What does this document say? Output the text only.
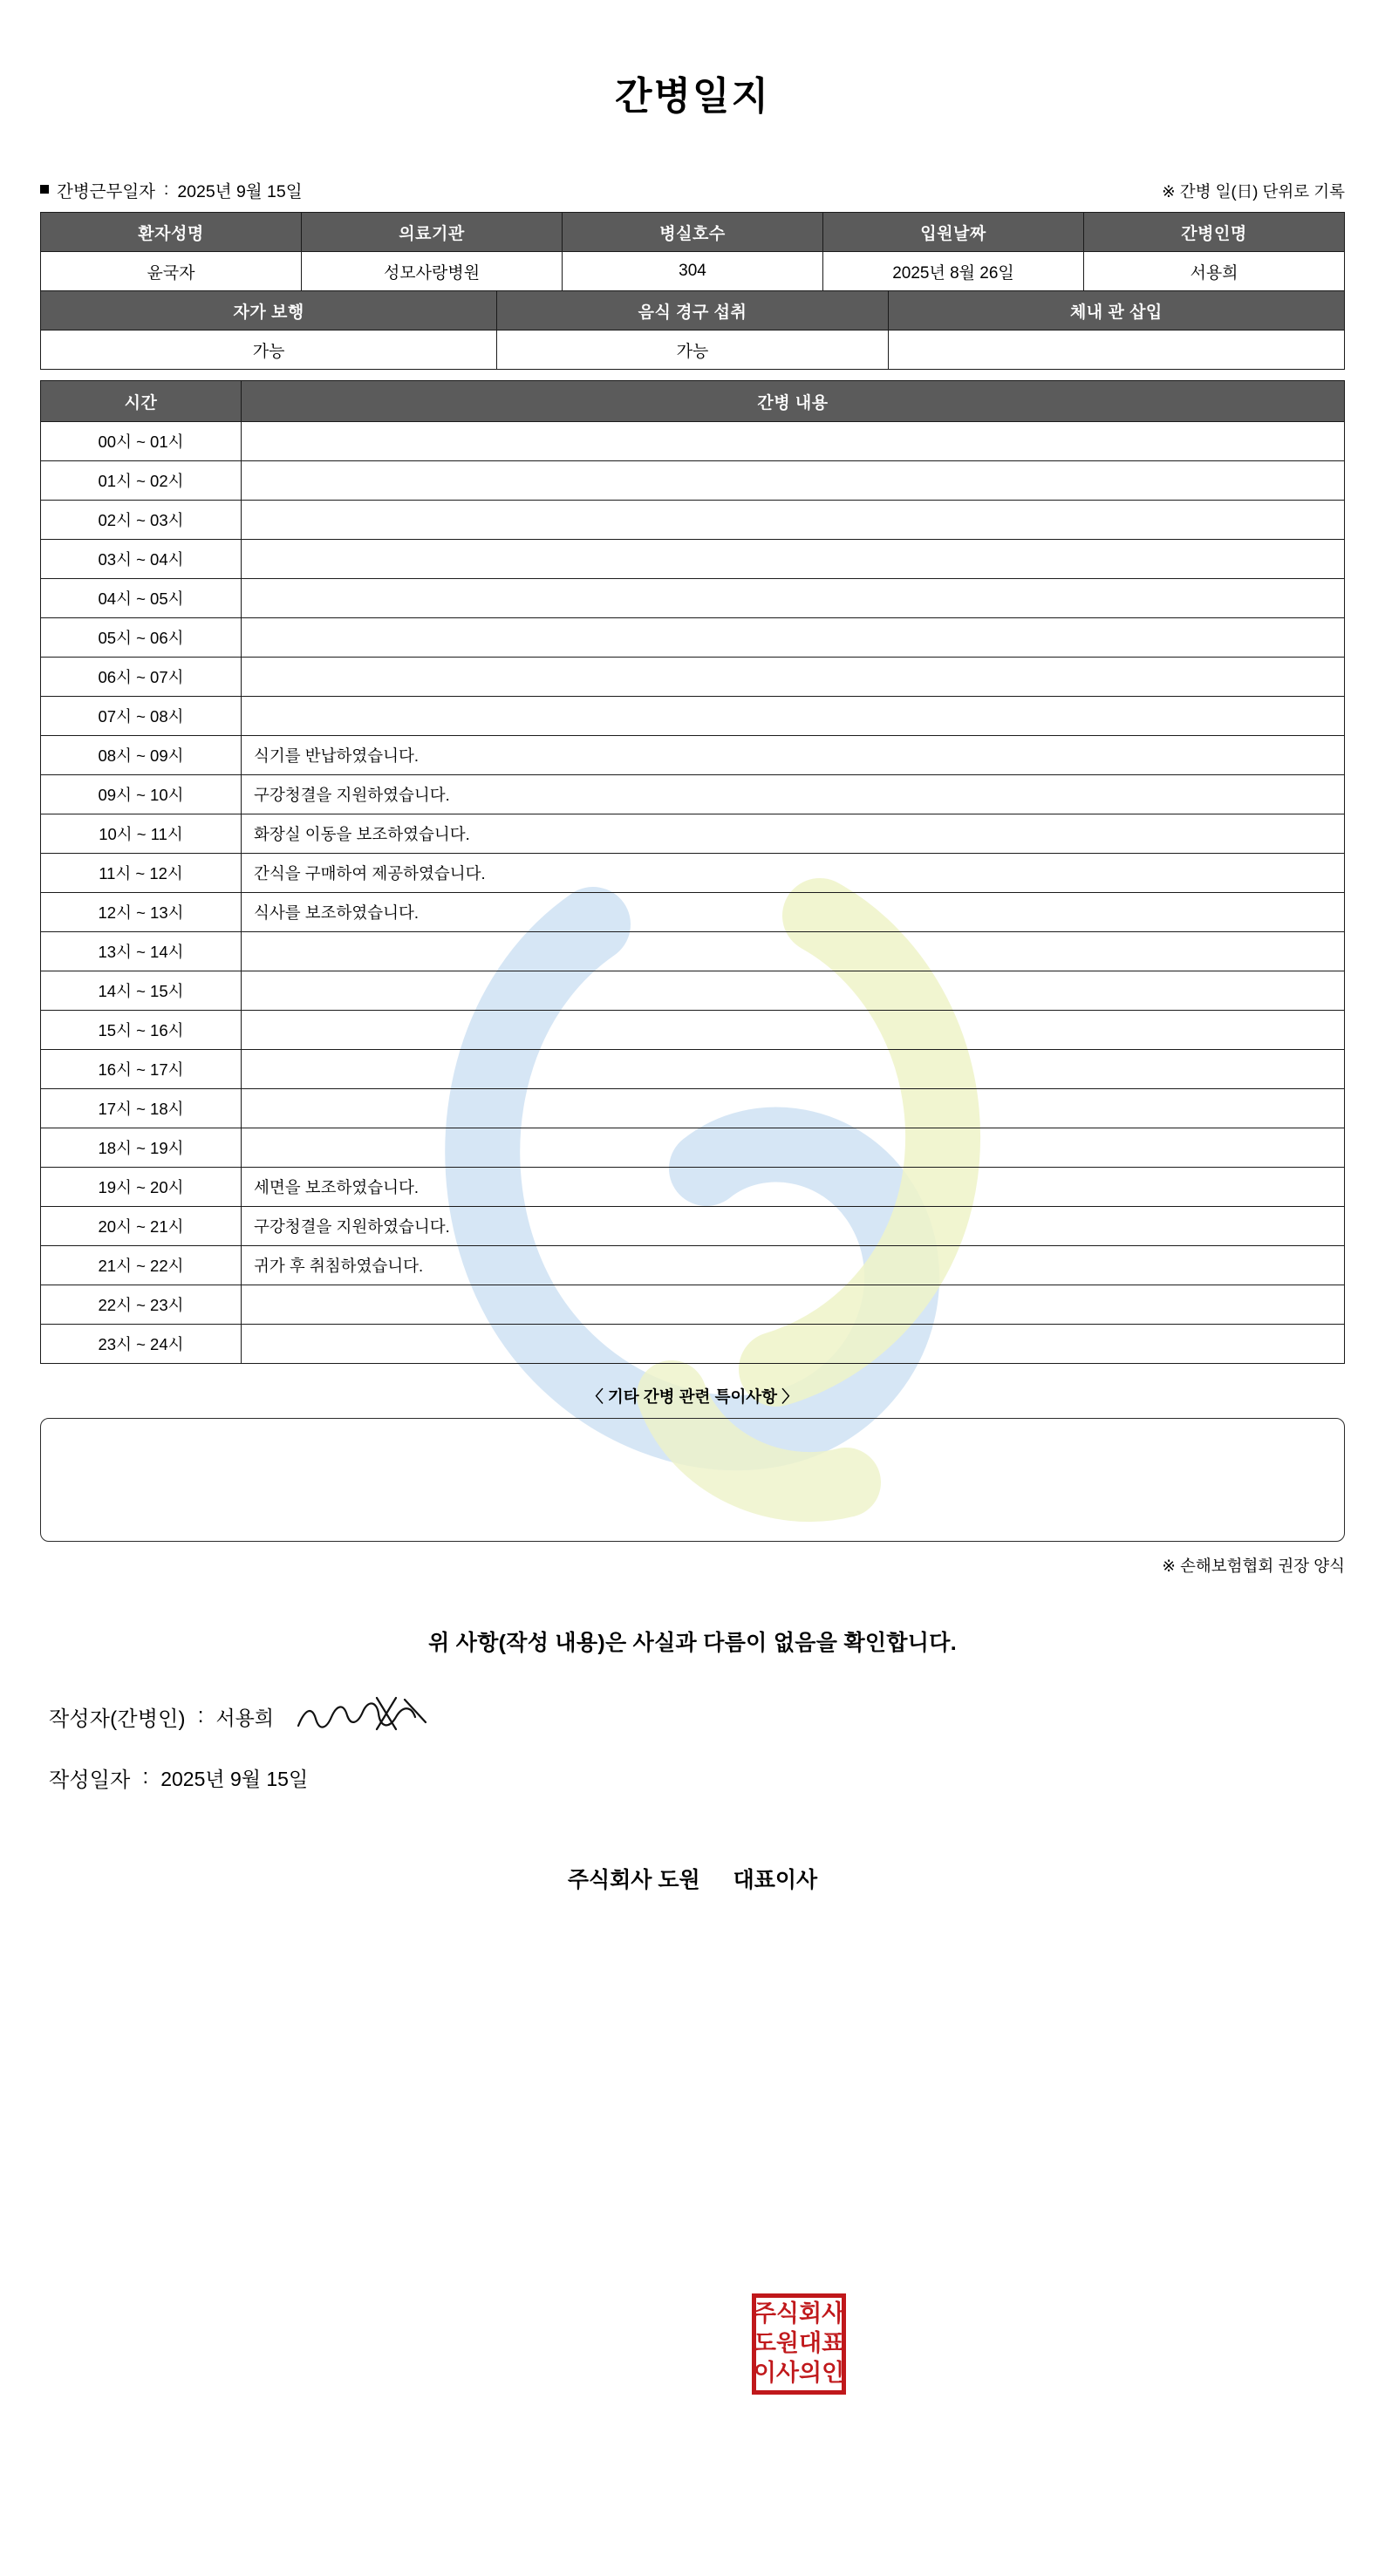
간병일지
간병근무일자 : 2025년 9월 15일	※ 간병 일(日) 단위로 기록
환자성명	의료기관	병실호수	입원날짜	간병인명
윤국자	성모사랑병원	304	2025년 8월 26일	서용희
자가 보행	음식 경구 섭취	체내 관 삽입
가능	가능	
시간	간병 내용
00시 ~ 01시	
01시 ~ 02시	
02시 ~ 03시	
03시 ~ 04시	
04시 ~ 05시	
05시 ~ 06시	
06시 ~ 07시	
07시 ~ 08시	
08시 ~ 09시	식기를 반납하였습니다.
09시 ~ 10시	구강청결을 지원하였습니다.
10시 ~ 11시	화장실 이동을 보조하였습니다.
11시 ~ 12시	간식을 구매하여 제공하였습니다.
12시 ~ 13시	식사를 보조하였습니다.
13시 ~ 14시	
14시 ~ 15시	
15시 ~ 16시	
16시 ~ 17시	
17시 ~ 18시	
18시 ~ 19시	
19시 ~ 20시	세면을 보조하였습니다.
20시 ~ 21시	구강청결을 지원하였습니다.
21시 ~ 22시	귀가 후 취침하였습니다.
22시 ~ 23시	
23시 ~ 24시	
〈 기타 간병 관련 특이사항 〉
※ 손해보험협회 권장 양식
위 사항(작성 내용)은 사실과 다름이 없음을 확인합니다.
작성자(간병인) : 서용희
작성일자 : 2025년 9월 15일
주식회사 도원 대표이사
주식회사
도원대표
이사의인
